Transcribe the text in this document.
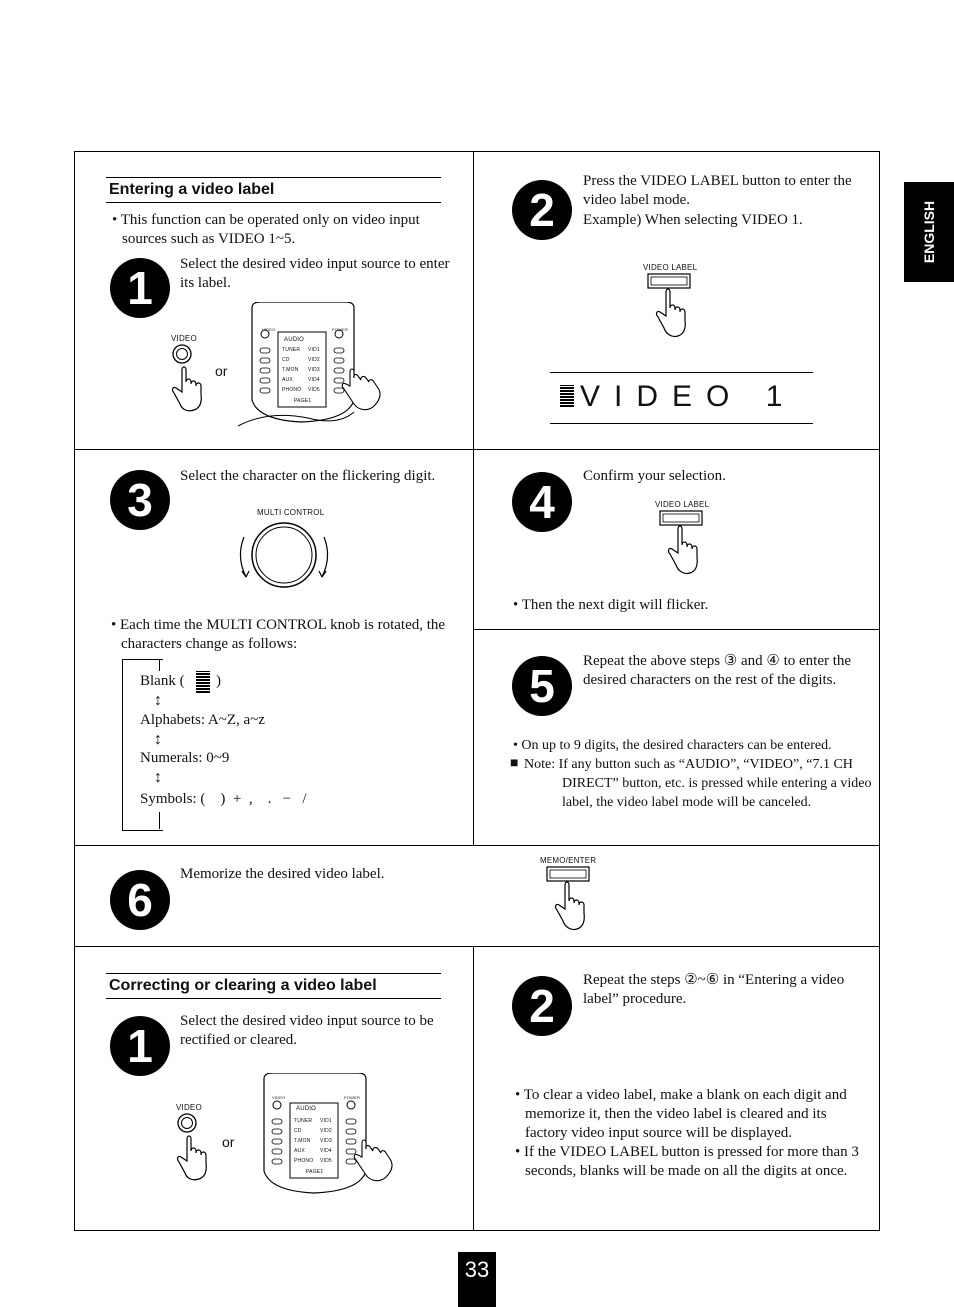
ENGLISH
33
Entering a video label
• This function can be operated only on video input sources such as VIDEO 1~5.
1	Select the desired video input source to enter its label.
VIDEO
or
VIDEO	POWER
AUDIO
TUNER VID1
CD	VID2
T.MON VID3
AUX	VID4
PHONO VID5
PAGE1
2
Press the VIDEO LABEL button to enter the video label mode.
Example) When selecting VIDEO 1.
VIDEO LABEL
VIDEO 1
3	Select the character on the flickering digit.
MULTI CONTROL
• Each time the MULTI CONTROL knob is rotated, the characters change as follows:
Blank ( )
↕
Alphabets: A~Z, a~z
↕
Numerals: 0~9
↕
Symbols: (    )  +  ,    .   −   /
4	Confirm your selection.
VIDEO LABEL
• Then the next digit will flicker.
5	Repeat the above steps ③ and ④ to enter the desired characters on the rest of the digits.
• On up to 9 digits, the desired characters can be entered.
■ Note: If any button such as “AUDIO”, “VIDEO”, “7.1 CH DIRECT” button, etc. is pressed while entering a video label, the video label mode will be canceled.
6	Memorize the desired video label.
MEMO/ENTER
Correcting or clearing a video label
1	Select the desired video input source to be rectified or cleared.
VIDEO
or
VIDEO	POWER
AUDIO
TUNER VID1
CD	VID2
T.MON VID3
AUX	VID4
PHONO VID5
PAGE1
2	Repeat the steps ②~⑥ in “Entering a video label” procedure.
• To clear a video label, make a blank on each digit and memorize it, then the video label is cleared and its factory video input source will be displayed.
• If the VIDEO LABEL button is pressed for more than 3 seconds, blanks will be made on all the digits at once.
